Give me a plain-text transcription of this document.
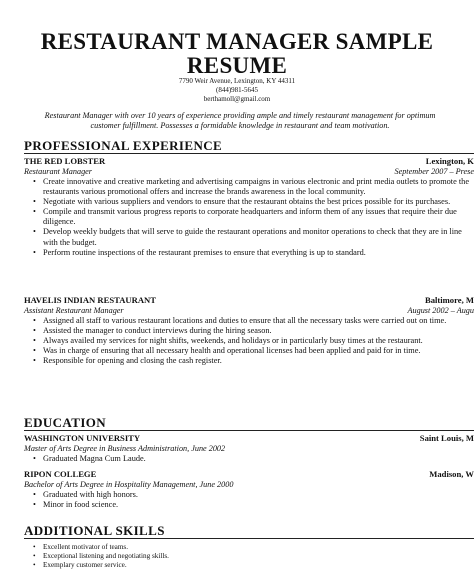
RESTAURANT MANAGER SAMPLE
RESUME
7790 Weir Avenue, Lexington, KY 44311
(844)981-5645
berthamoll@gmail.com
Restaurant Manager with over 10 years of experience providing ample and timely restaurant management for optimum customer fulfillment. Possesses a formidable knowledge in restaurant and team motivation.
PROFESSIONAL EXPERIENCE
THE RED LOBSTER	Lexington, K
Restaurant Manager	September 2007 – Prese
• Create innovative and creative marketing and advertising campaigns in various electronic and print media outlets to promote the restaurants various promotional offers and increase the brands awareness in the local community.
• Negotiate with various suppliers and vendors to ensure that the restaurant obtains the best prices possible for its purchases.
• Compile and transmit various progress reports to corporate headquarters and inform them of any issues that require their due diligence.
• Develop weekly budgets that will serve to guide the restaurant operations and monitor operations to check that they are in line with the budget.
• Perform routine inspections of the restaurant premises to ensure that everything is up to standard.
HAVELIS INDIAN RESTAURANT	Baltimore, M
Assistant Restaurant Manager	August 2002 – Augu
• Assigned all staff to various restaurant locations and duties to ensure that all the necessary tasks were carried out on time.
• Assisted the manager to conduct interviews during the hiring season.
• Always availed my services for night shifts, weekends, and holidays or in particularly busy times at the restaurant.
• Was in charge of ensuring that all necessary health and operational licenses had been applied and paid for in time.
• Responsible for opening and closing the cash register.
EDUCATION
WASHINGTON UNIVERSITY	Saint Louis, M
Master of Arts Degree in Business Administration, June 2002
• Graduated Magna Cum Laude.
RIPON COLLEGE	Madison, W
Bachelor of Arts Degree in Hospitality Management, June 2000
• Graduated with high honors.
• Minor in food science.
ADDITIONAL SKILLS
• Excellent motivator of teams.
• Exceptional listening and negotiating skills.
• Exemplary customer service.
